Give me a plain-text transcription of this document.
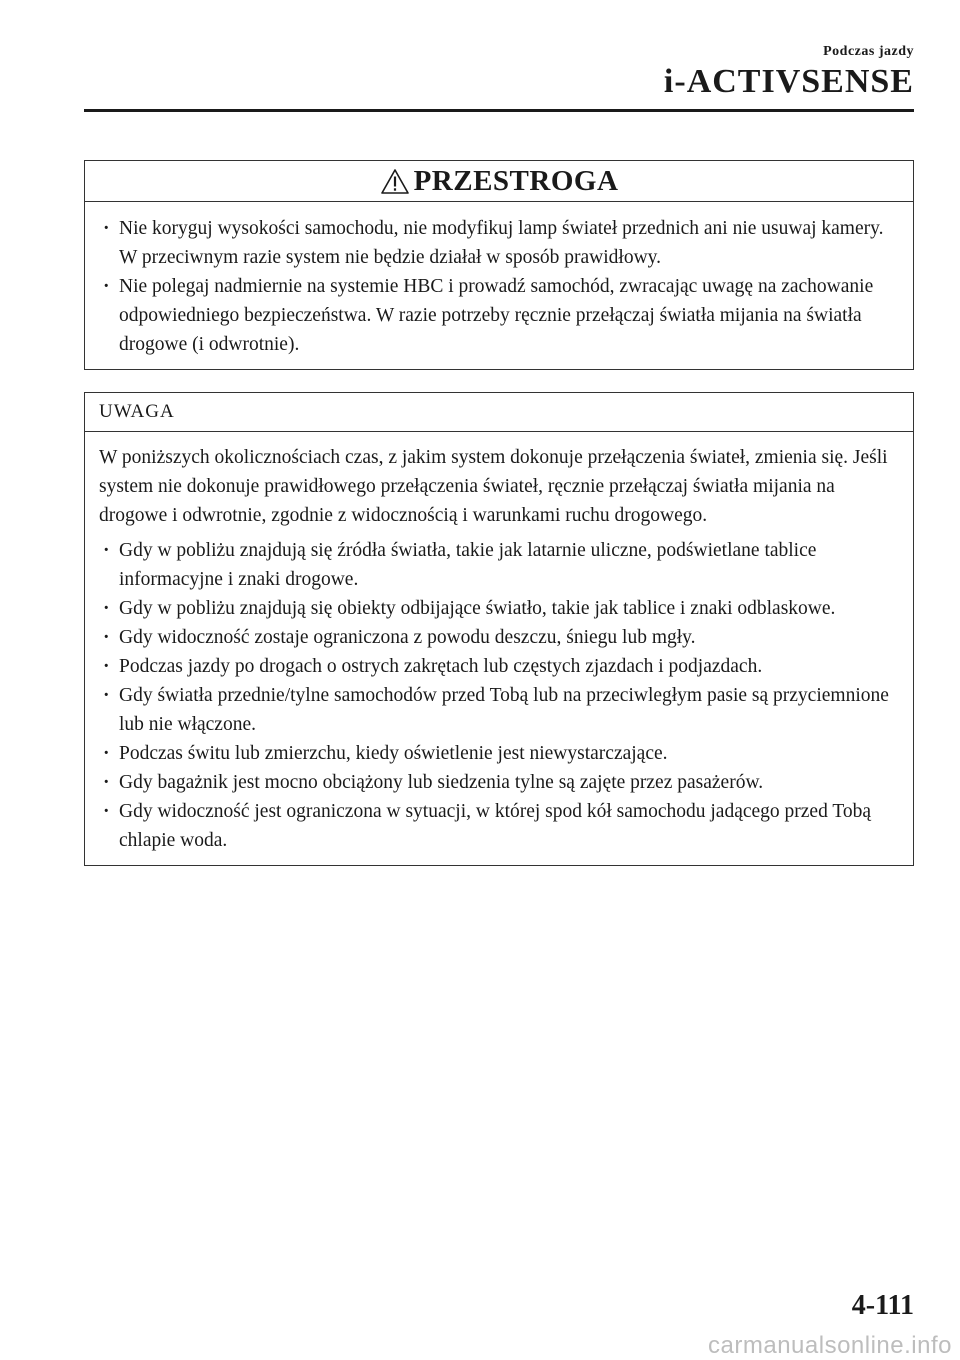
Podczas jazdy
i-ACTIVSENSE
PRZESTROGA
· Nie koryguj wysokości samochodu, nie modyfikuj lamp świateł przednich ani nie usuwaj kamery. W przeciwnym razie system nie będzie działał w sposób prawidłowy.
· Nie polegaj nadmiernie na systemie HBC i prowadź samochód, zwracając uwagę na zachowanie odpowiedniego bezpieczeństwa. W razie potrzeby ręcznie przełączaj światła mijania na światła drogowe (i odwrotnie).
UWAGA

W poniższych okolicznościach czas, z jakim system dokonuje przełączenia świateł, zmienia się. Jeśli system nie dokonuje prawidłowego przełączenia świateł, ręcznie przełączaj światła mijania na drogowe i odwrotnie, zgodnie z widocznością i warunkami ruchu drogowego.

· Gdy w pobliżu znajdują się źródła światła, takie jak latarnie uliczne, podświetlane tablice informacyjne i znaki drogowe.
· Gdy w pobliżu znajdują się obiekty odbijające światło, takie jak tablice i znaki odblaskowe.
· Gdy widoczność zostaje ograniczona z powodu deszczu, śniegu lub mgły.
· Podczas jazdy po drogach o ostrych zakrętach lub częstych zjazdach i podjazdach.
· Gdy światła przednie/tylne samochodów przed Tobą lub na przeciwległym pasie są przyciemnione lub nie włączone.
· Podczas świtu lub zmierzchu, kiedy oświetlenie jest niewystarczające.
· Gdy bagażnik jest mocno obciążony lub siedzenia tylne są zajęte przez pasażerów.
· Gdy widoczność jest ograniczona w sytuacji, w której spod kół samochodu jadącego przed Tobą chlapie woda.
4-111
carmanualsonline.info
